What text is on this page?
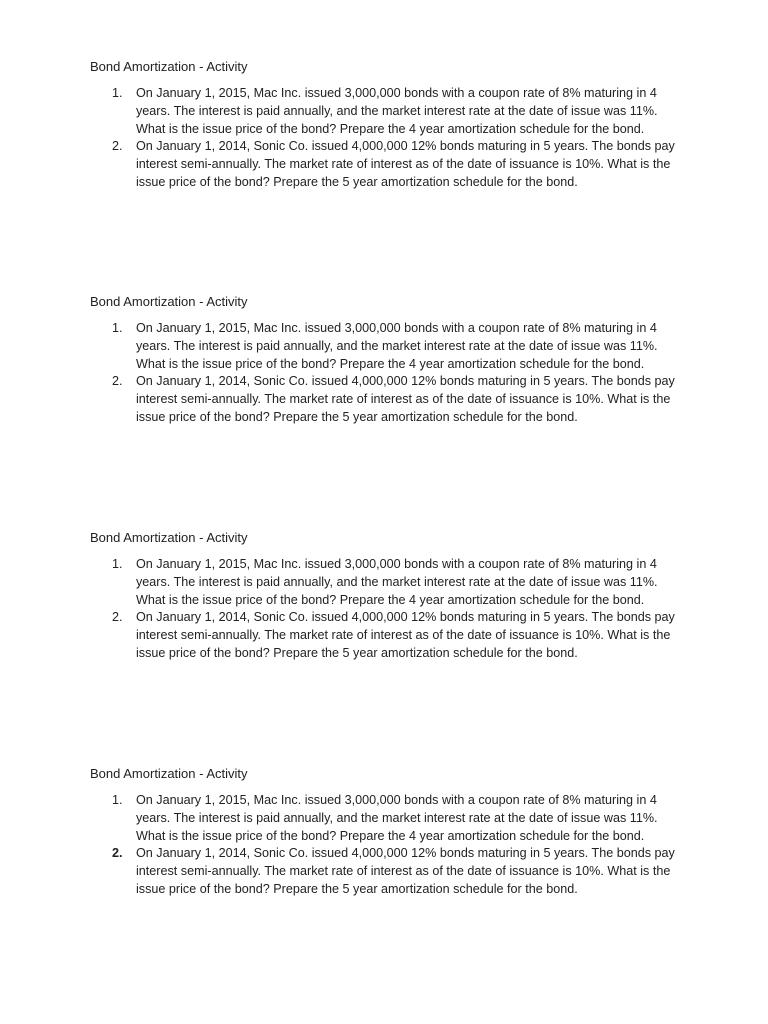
Bond Amortization - Activity
1.	On January 1, 2015, Mac Inc. issued 3,000,000 bonds with a coupon rate of 8% maturing in 4 years. The interest is paid annually, and the market interest rate at the date of issue was 11%. What is the issue price of the bond? Prepare the 4 year amortization schedule for the bond.
2.	On January 1, 2014, Sonic Co. issued 4,000,000 12% bonds maturing in 5 years. The bonds pay interest semi-annually. The market rate of interest as of the date of issuance is 10%. What is the issue price of the bond? Prepare the 5 year amortization schedule for the bond.
Bond Amortization - Activity
1.	On January 1, 2015, Mac Inc. issued 3,000,000 bonds with a coupon rate of 8% maturing in 4 years. The interest is paid annually, and the market interest rate at the date of issue was 11%. What is the issue price of the bond? Prepare the 4 year amortization schedule for the bond.
2.	On January 1, 2014, Sonic Co. issued 4,000,000 12% bonds maturing in 5 years. The bonds pay interest semi-annually. The market rate of interest as of the date of issuance is 10%. What is the issue price of the bond? Prepare the 5 year amortization schedule for the bond.
Bond Amortization - Activity
1.	On January 1, 2015, Mac Inc. issued 3,000,000 bonds with a coupon rate of 8% maturing in 4 years. The interest is paid annually, and the market interest rate at the date of issue was 11%. What is the issue price of the bond? Prepare the 4 year amortization schedule for the bond.
2.	On January 1, 2014, Sonic Co. issued 4,000,000 12% bonds maturing in 5 years. The bonds pay interest semi-annually. The market rate of interest as of the date of issuance is 10%. What is the issue price of the bond? Prepare the 5 year amortization schedule for the bond.
Bond Amortization - Activity
1.	On January 1, 2015, Mac Inc. issued 3,000,000 bonds with a coupon rate of 8% maturing in 4 years. The interest is paid annually, and the market interest rate at the date of issue was 11%. What is the issue price of the bond? Prepare the 4 year amortization schedule for the bond.
2.	On January 1, 2014, Sonic Co. issued 4,000,000 12% bonds maturing in 5 years. The bonds pay interest semi-annually. The market rate of interest as of the date of issuance is 10%. What is the issue price of the bond? Prepare the 5 year amortization schedule for the bond.
